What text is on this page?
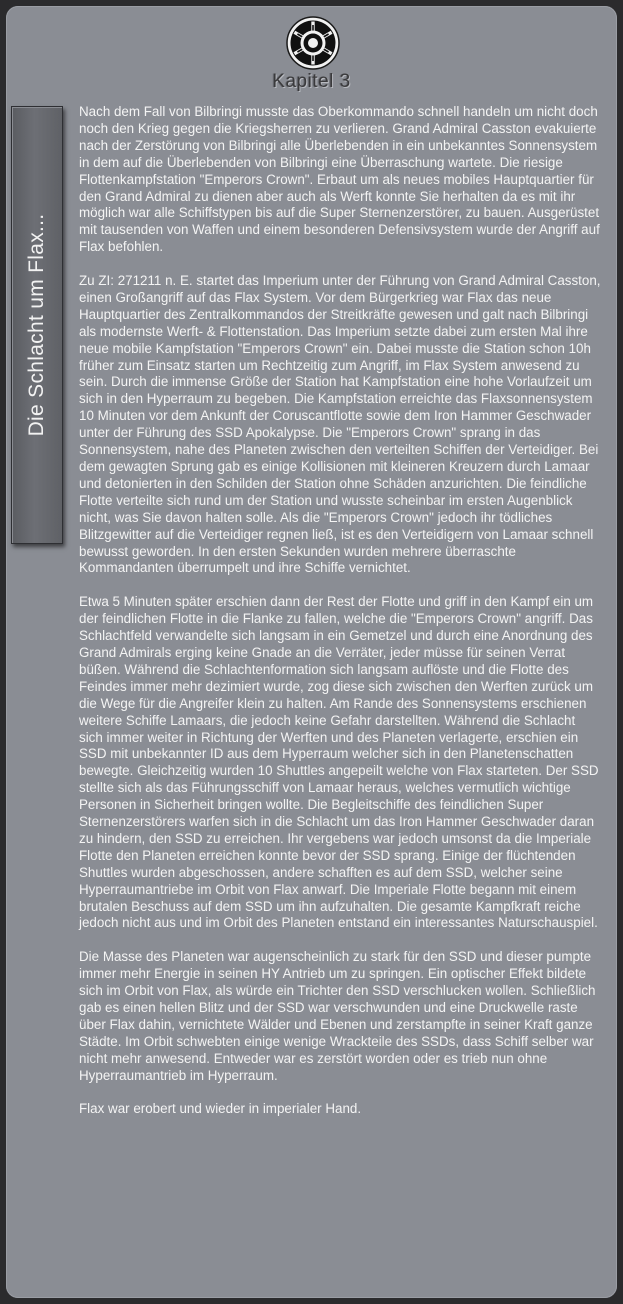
Kapitel 3
Die Schlacht um Flax...

Nach dem Fall von Bilbringi musste das Oberkommando schnell handeln um nicht doch noch den Krieg gegen die Kriegsherren zu verlieren. Grand Admiral Casston evakuierte nach der Zerstörung von Bilbringi alle Überlebenden in ein unbekanntes Sonnensystem in dem auf die Überlebenden von Bilbringi eine Überraschung wartete. Die riesige Flottenkampfstation "Emperors Crown". Erbaut um als neues mobiles Hauptquartier für den Grand Admiral zu dienen aber auch als Werft konnte Sie herhalten da es mit ihr möglich war alle Schiffstypen bis auf die Super Sternenzerstörer, zu bauen. Ausgerüstet mit tausenden von Waffen und einem besonderen Defensivsystem wurde der Angriff auf Flax befohlen.

Zu ZI: 271211 n. E. startet das Imperium unter der Führung von Grand Admiral Casston, einen Großangriff auf das Flax System. Vor dem Bürgerkrieg war Flax das neue Hauptquartier des Zentralkommandos der Streitkräfte gewesen und galt nach Bilbringi als modernste Werft- & Flottenstation. Das Imperium setzte dabei zum ersten Mal ihre neue mobile Kampfstation "Emperors Crown" ein. Dabei musste die Station schon 10h früher zum Einsatz starten um Rechtzeitig zum Angriff, im Flax System anwesend zu sein. Durch die immense Größe der Station hat Kampfstation eine hohe Vorlaufzeit um sich in den Hyperraum zu begeben. Die Kampfstation erreichte das Flaxsonnensystem 10 Minuten vor dem Ankunft der Coruscantflotte sowie dem Iron Hammer Geschwader unter der Führung des SSD Apokalypse. Die "Emperors Crown" sprang in das Sonnensystem, nahe des Planeten zwischen den verteilten Schiffen der Verteidiger. Bei dem gewagten Sprung gab es einige Kollisionen mit kleineren Kreuzern durch Lamaar und detonierten in den Schilden der Station ohne Schäden anzurichten. Die feindliche Flotte verteilte sich rund um der Station und wusste scheinbar im ersten Augenblick nicht, was Sie davon halten solle. Als die "Emperors Crown" jedoch ihr tödliches Blitzgewitter auf die Verteidiger regnen ließ, ist es den Verteidigern von Lamaar schnell bewusst geworden. In den ersten Sekunden wurden mehrere überraschte Kommandanten überrumpelt und ihre Schiffe vernichtet.

Etwa 5 Minuten später erschien dann der Rest der Flotte und griff in den Kampf ein um der feindlichen Flotte in die Flanke zu fallen, welche die "Emperors Crown" angriff. Das Schlachtfeld verwandelte sich langsam in ein Gemetzel und durch eine Anordnung des Grand Admirals erging keine Gnade an die Verräter, jeder müsse für seinen Verrat büßen. Während die Schlachtenformation sich langsam auflöste und die Flotte des Feindes immer mehr dezimiert wurde, zog diese sich zwischen den Werften zurück um die Wege für die Angreifer klein zu halten. Am Rande des Sonnensystems erschienen weitere Schiffe Lamaars, die jedoch keine Gefahr darstellten. Während die Schlacht sich immer weiter in Richtung der Werften und des Planeten verlagerte, erschien ein SSD mit unbekannter ID aus dem Hyperraum welcher sich in den Planetenschatten bewegte. Gleichzeitig wurden 10 Shuttles angepeilt welche von Flax starteten. Der SSD stellte sich als das Führungsschiff von Lamaar heraus, welches vermutlich wichtige Personen in Sicherheit bringen wollte. Die Begleitschiffe des feindlichen Super Sternenzerstörers warfen sich in die Schlacht um das Iron Hammer Geschwader daran zu hindern, den SSD zu erreichen. Ihr vergebens war jedoch umsonst da die Imperiale Flotte den Planeten erreichen konnte bevor der SSD sprang. Einige der flüchtenden Shuttles wurden abgeschossen, andere schafften es auf dem SSD, welcher seine Hyperraumantriebe im Orbit von Flax anwarf. Die Imperiale Flotte begann mit einem brutalen Beschuss auf dem SSD um ihn aufzuhalten. Die gesamte Kampfkraft reiche jedoch nicht aus und im Orbit des Planeten entstand ein interessantes Naturschauspiel.

Die Masse des Planeten war augenscheinlich zu stark für den SSD und dieser pumpte immer mehr Energie in seinen HY Antrieb um zu springen. Ein optischer Effekt bildete sich im Orbit von Flax, als würde ein Trichter den SSD verschlucken wollen. Schließlich gab es einen hellen Blitz und der SSD war verschwunden und eine Druckwelle raste über Flax dahin, vernichtete Wälder und Ebenen und zerstampfte in seiner Kraft ganze Städte. Im Orbit schwebten einige wenige Wrackteile des SSDs, dass Schiff selber war nicht mehr anwesend. Entweder war es zerstört worden oder es trieb nun ohne Hyperraumantrieb im Hyperraum.

Flax war erobert und wieder in imperialer Hand.
